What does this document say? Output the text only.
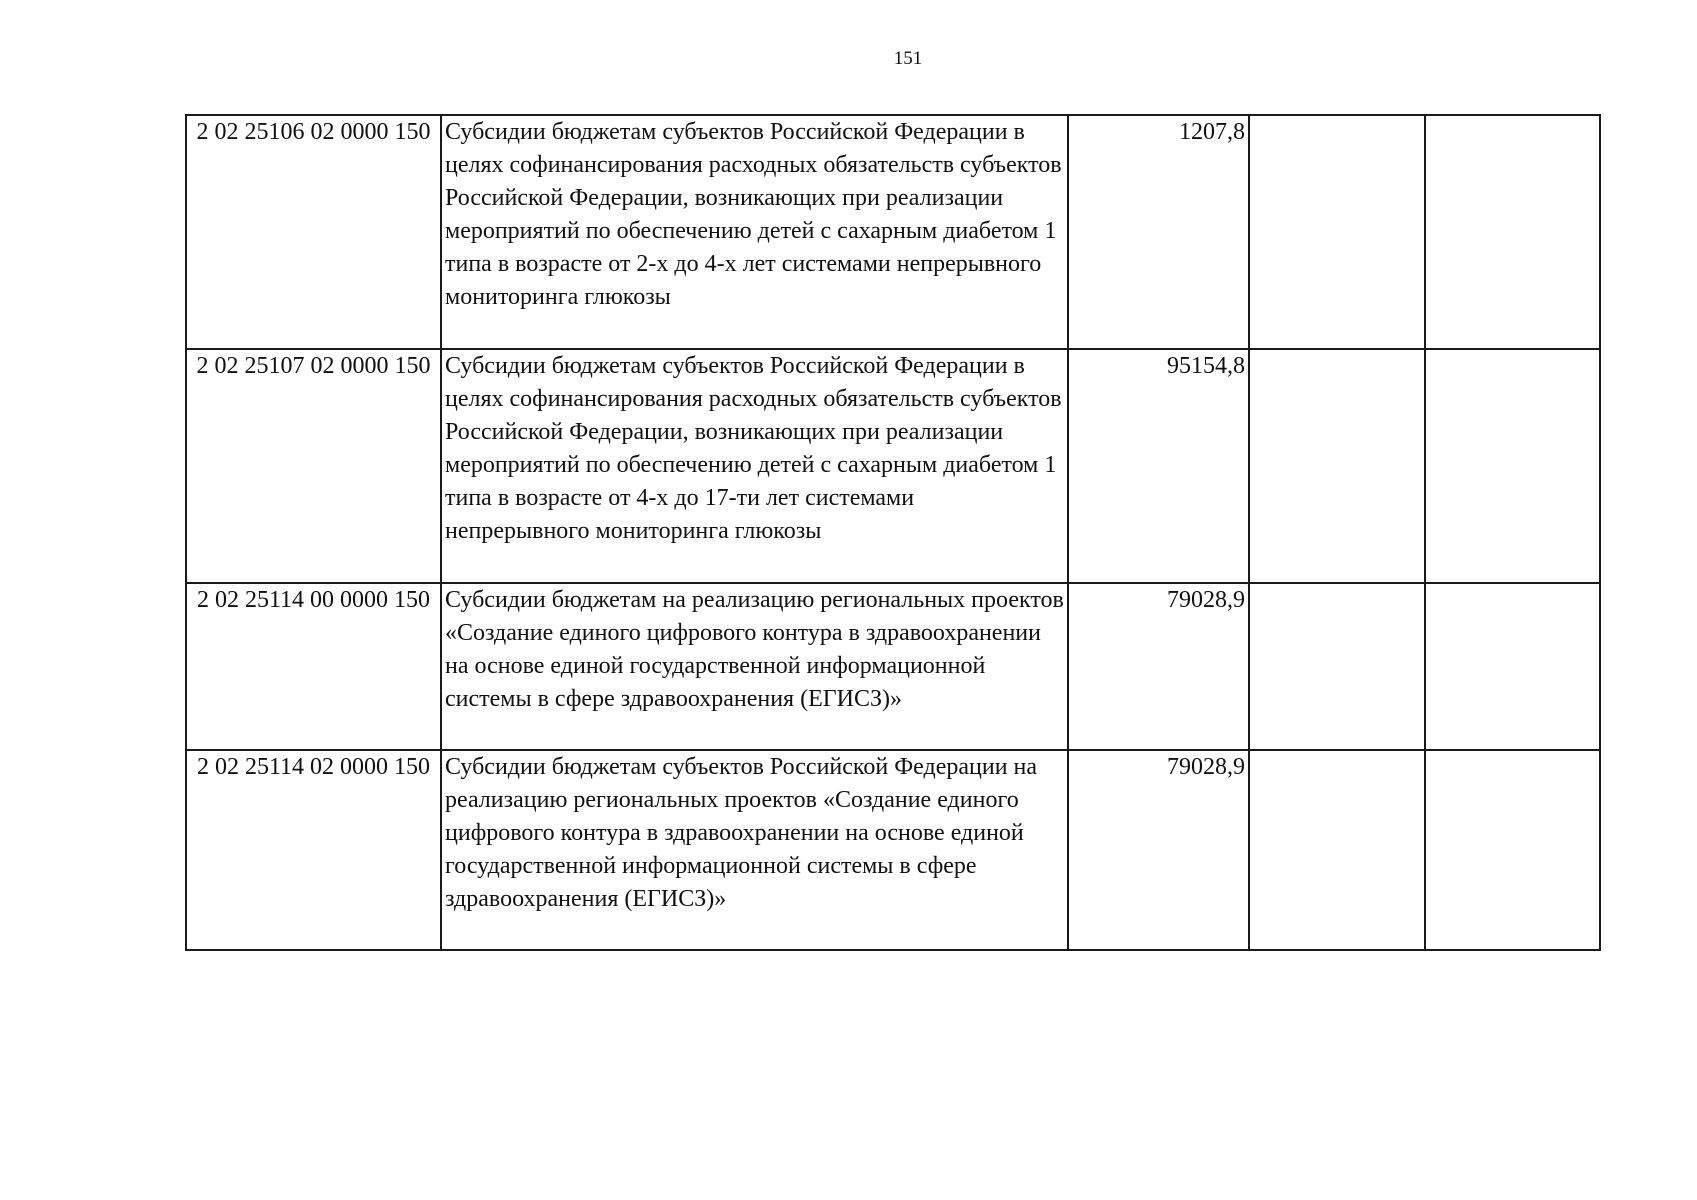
151
2 02 25106 02 0000 150	Субсидии бюджетам субъектов Российской Федерации в целях софинансирования расходных обязательств субъектов Российской Федерации, возникающих при реализации мероприятий по обеспечению детей с сахарным диабетом 1 типа в возрасте от 2-х до 4-х лет системами непрерывного мониторинга глюкозы	1207,8		
2 02 25107 02 0000 150	Субсидии бюджетам субъектов Российской Федерации в целях софинансирования расходных обязательств субъектов Российской Федерации, возникающих при реализации мероприятий по обеспечению детей с сахарным диабетом 1 типа в возрасте от 4-х до 17-ти лет системами непрерывного мониторинга глюкозы	95154,8		
2 02 25114 00 0000 150	Субсидии бюджетам на реализацию региональных проектов «Создание единого цифрового контура в здравоохранении на основе единой государственной информационной системы в сфере здравоохранения (ЕГИСЗ)»	79028,9		
2 02 25114 02 0000 150	Субсидии бюджетам субъектов Российской Федерации на реализацию региональных проектов «Создание единого цифрового контура в здравоохранении на основе единой государственной информационной системы в сфере здравоохранения (ЕГИСЗ)»	79028,9		
